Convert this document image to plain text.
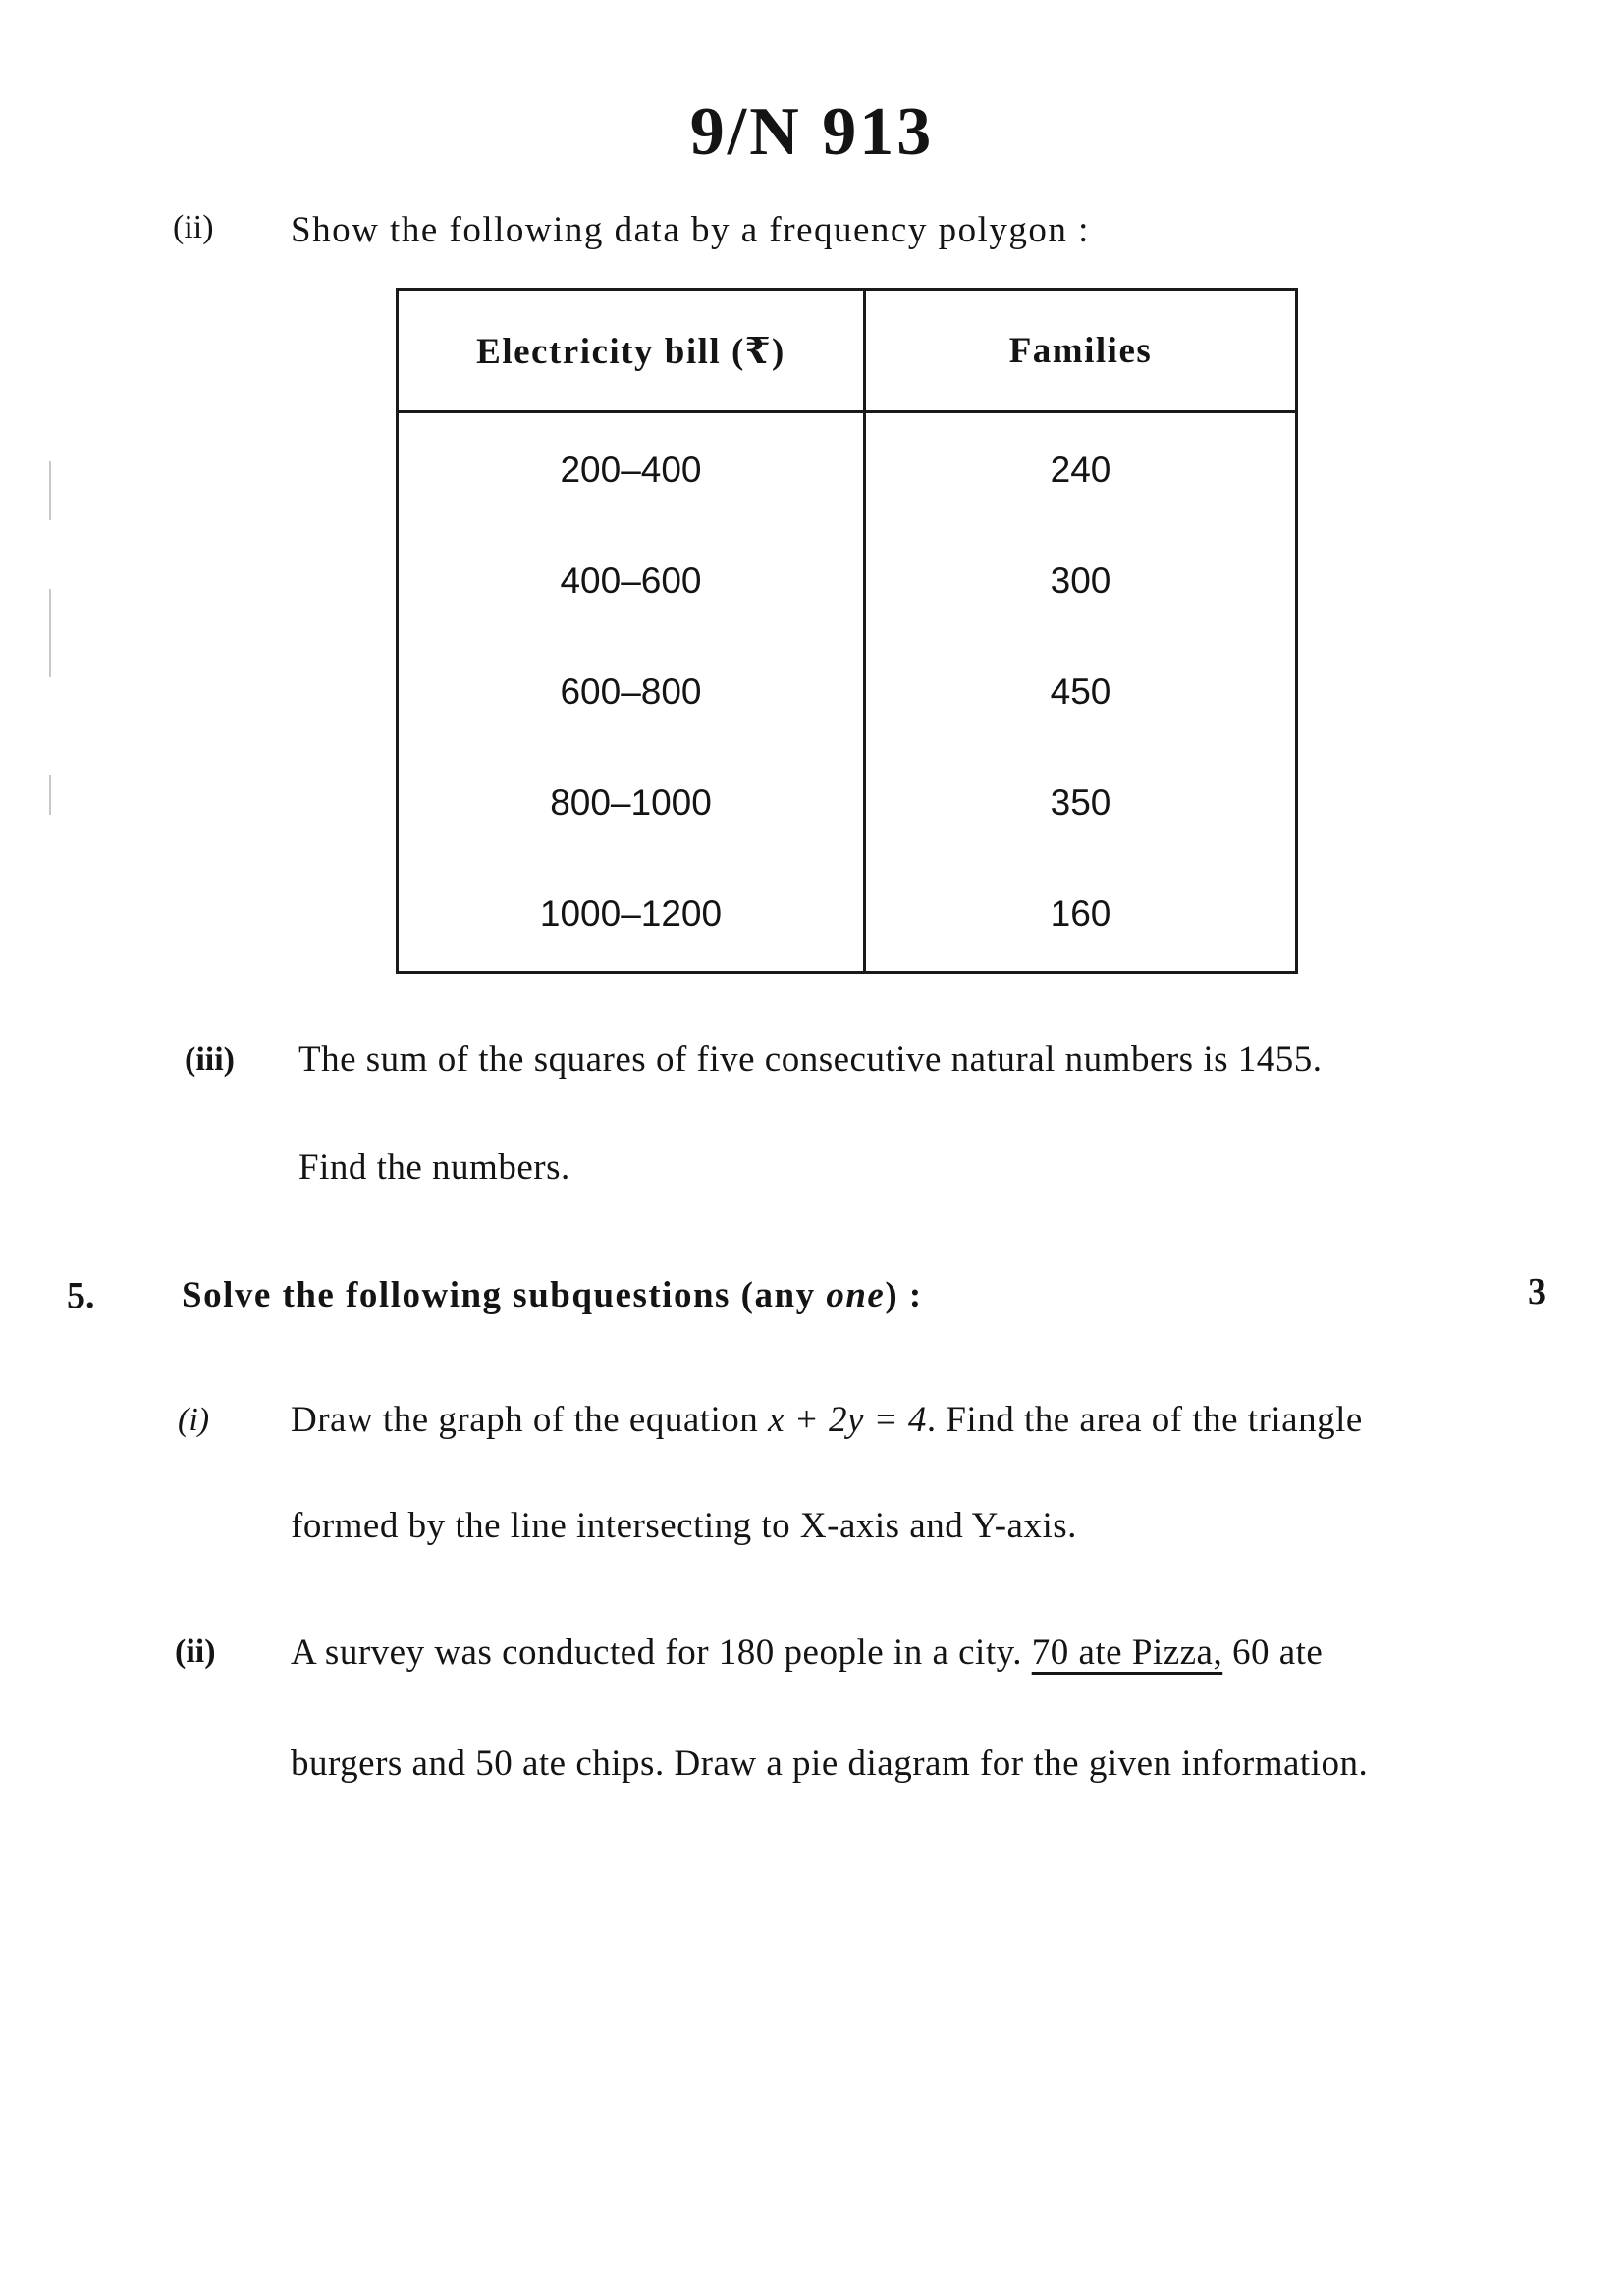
9/N 913
(ii) Show the following data by a frequency polygon :
Electricity bill (₹)	Families
200–400	240
400–600	300
600–800	450
800–1000	350
1000–1200	160
(iii) The sum of the squares of five consecutive natural numbers is 1455.
Find the numbers.
5. Solve the following subquestions (any one) :	3
(i) Draw the graph of the equation x + 2y = 4. Find the area of the triangle
formed by the line intersecting to X-axis and Y-axis.
(ii) A survey was conducted for 180 people in a city. 70 ate Pizza, 60 ate
burgers and 50 ate chips. Draw a pie diagram for the given information.
